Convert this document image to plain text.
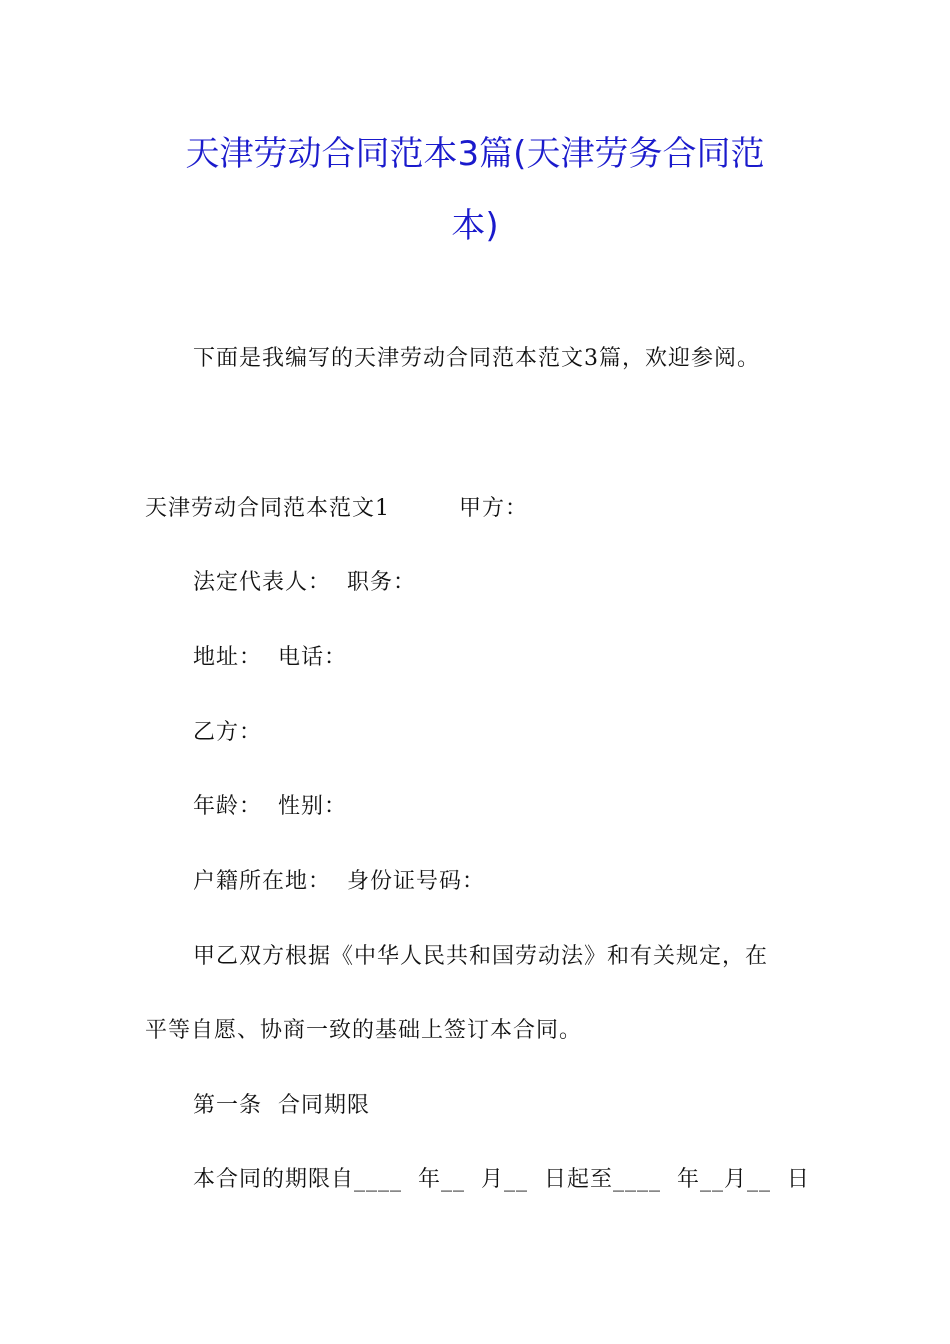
天津劳动合同范本3篇(天津劳务合同范
本)
下面是我编写的天津劳动合同范本范文3篇，欢迎参阅。
天津劳动合同范本范文1　　　甲方：
法定代表人：  职务：
地址：  电话：
乙方：
年龄：  性别：
户籍所在地：  身份证号码：
甲乙双方根据《中华人民共和国劳动法》和有关规定，在
平等自愿、协商一致的基础上签订本合同。
第一条  合同期限
本合同的期限自____  年__  月__  日起至____  年__月__  日
